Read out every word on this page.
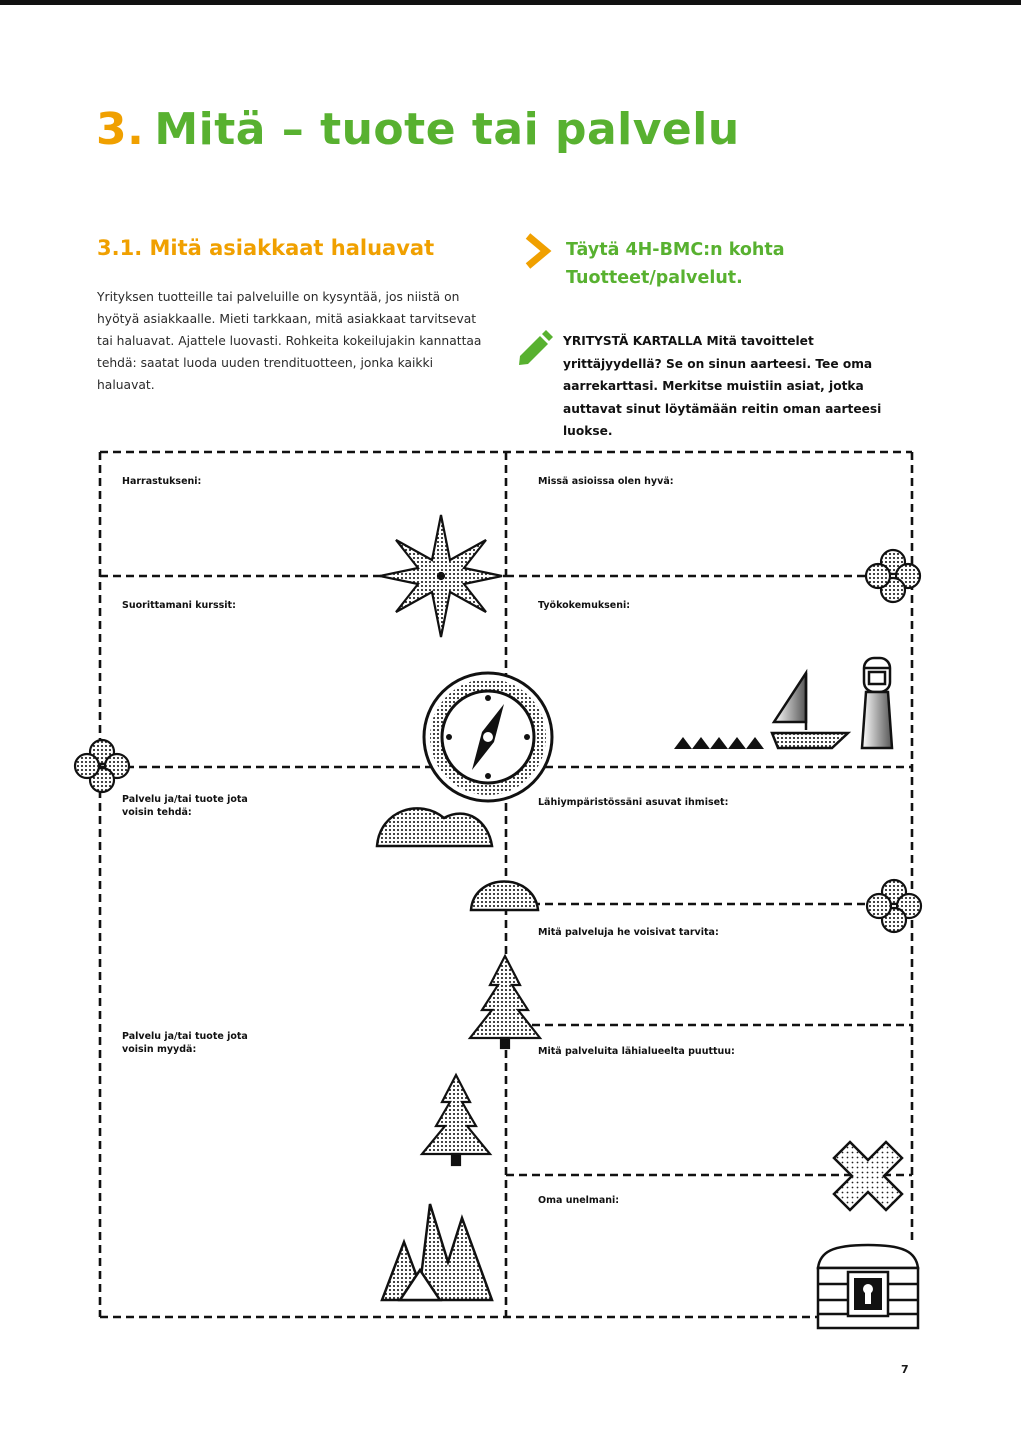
3. Mitä – tuote tai palvelu
3.1. Mitä asiakkaat haluavat
Yrityksen tuotteille tai palveluille on kysyntää, jos niistä on hyötyä asiakkaalle. Mieti tarkkaan, mitä asiakkaat tarvitsevat tai haluavat. Ajattele luovasti. Rohkeita kokeilujakin kannattaa tehdä: saatat luoda uuden trendituotteen, jonka kaikki haluavat.
Täytä 4H-BMC:n kohta
Tuotteet/palvelut.
YRITYSTÄ KARTALLA Mitä tavoittelet yrittäjyydellä? Se on sinun aarteesi. Tee oma aarrekarttasi. Merkitse muistiin asiat, jotka auttavat sinut löytämään reitin oman aarteesi luokse.
Harrastukseni:
Suorittamani kurssit:
Palvelu ja/tai tuote jota voisin tehdä:
Palvelu ja/tai tuote jota voisin myydä:
Missä asioissa olen hyvä:
Työkokemukseni:
Lähiympäristössäni asuvat ihmiset:
Mitä palveluja he voisivat tarvita:
Mitä palveluita lähialueelta puuttuu:
Oma unelmani:
7
